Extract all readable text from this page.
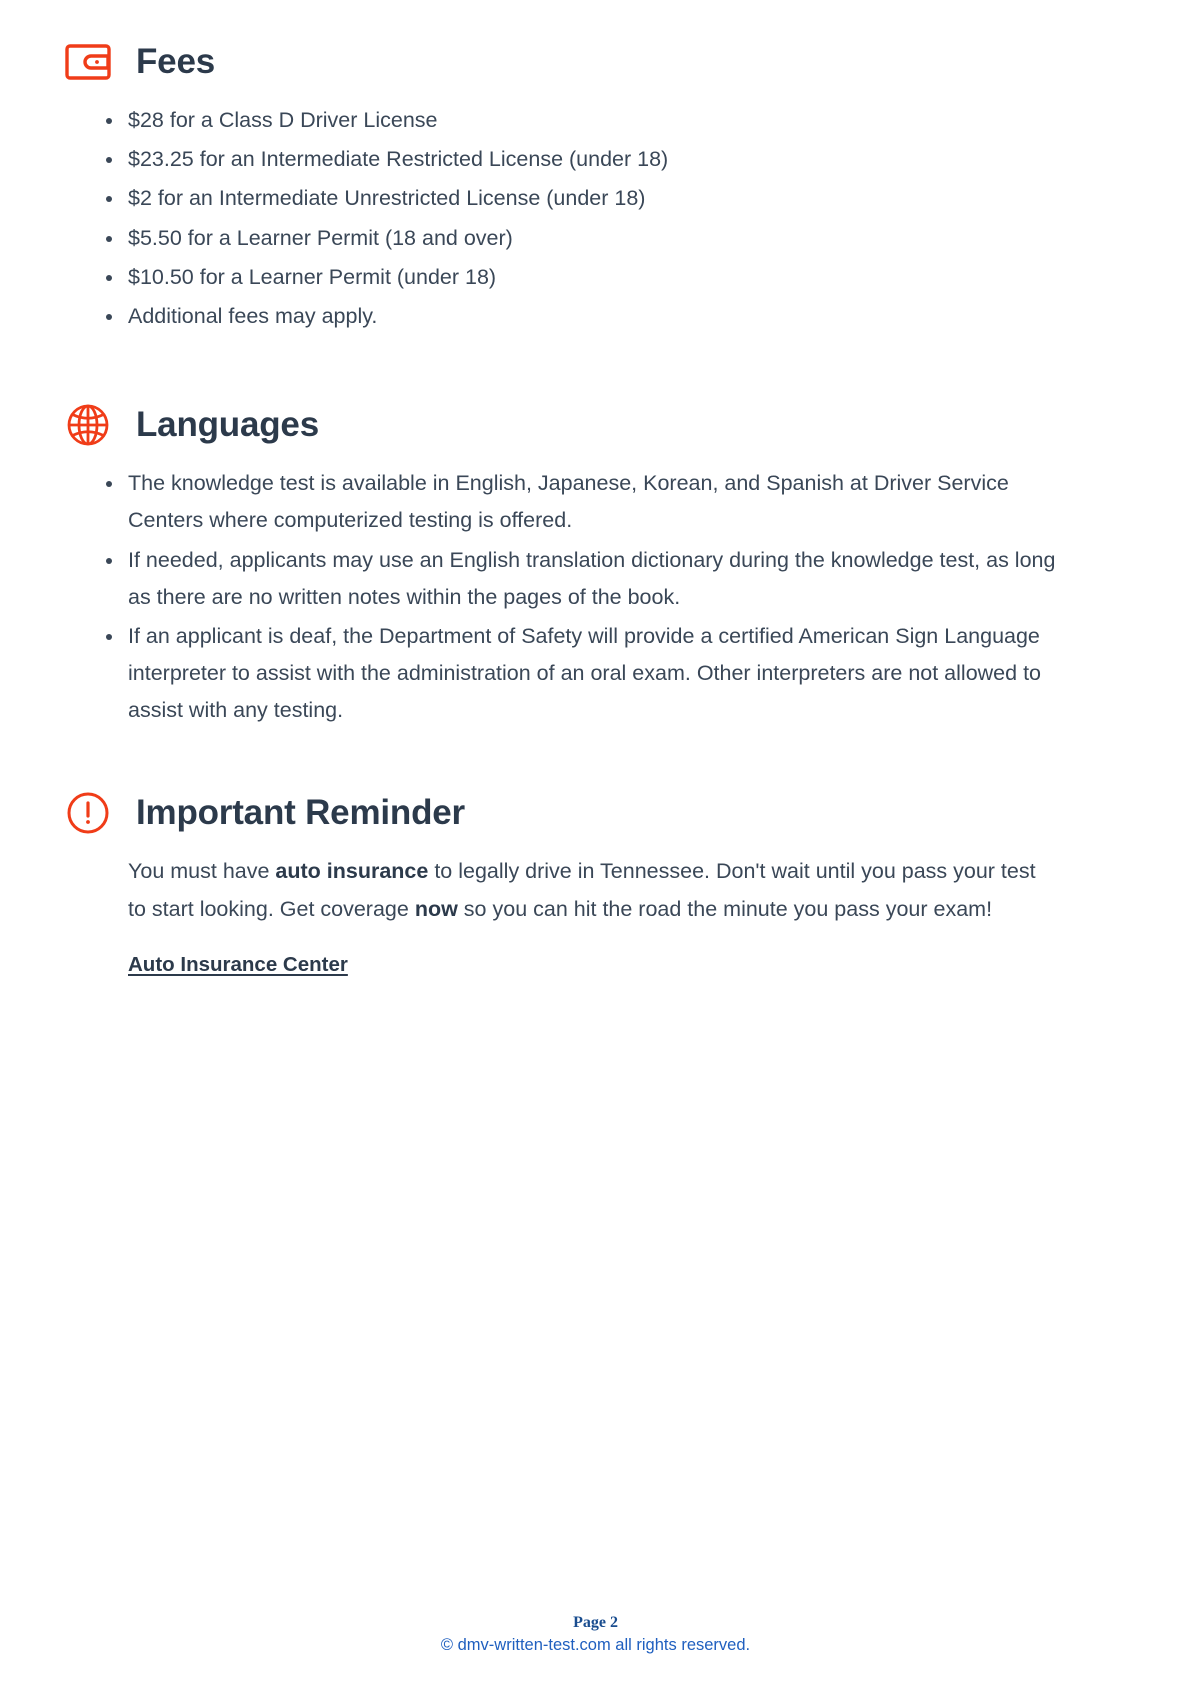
Fees
$28 for a Class D Driver License
$23.25 for an Intermediate Restricted License (under 18)
$2 for an Intermediate Unrestricted License (under 18)
$5.50 for a Learner Permit (18 and over)
$10.50 for a Learner Permit (under 18)
Additional fees may apply.
Languages
The knowledge test is available in English, Japanese, Korean, and Spanish at Driver Service Centers where computerized testing is offered.
If needed, applicants may use an English translation dictionary during the knowledge test, as long as there are no written notes within the pages of the book.
If an applicant is deaf, the Department of Safety will provide a certified American Sign Language interpreter to assist with the administration of an oral exam. Other interpreters are not allowed to assist with any testing.
Important Reminder

You must have auto insurance to legally drive in Tennessee. Don't wait until you pass your test to start looking. Get coverage now so you can hit the road the minute you pass your exam!

Auto Insurance Center
Page 2
© dmv-written-test.com all rights reserved.
